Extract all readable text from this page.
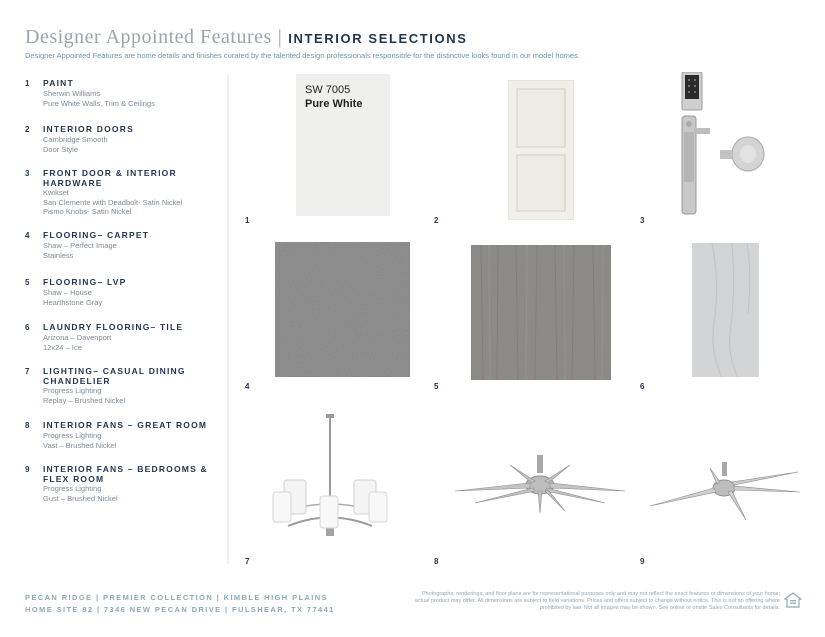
Designer Appointed Features | INTERIOR SELECTIONS
Designer Appointed Features are home details and finishes curated by the talented design professionals responsible for the distinctive looks found in our model homes.
1 PAINT
Sherwin Williams
Pure White Walls, Trim & Ceilings
2 INTERIOR DOORS
Cambridge Smooth
Door Style
3 FRONT DOOR & INTERIOR HARDWARE
Kwikset
San Clemente with Deadbolt- Satin Nickel
Pismo Knobs- Satin Nickel
4 FLOORING– CARPET
Shaw – Perfect Image
Stainless
5 FLOORING– LVP
Shaw – House
Hearthstone Gray
6 LAUNDRY FLOORING– TILE
Arizona – Davenport
12x24 – Ice
7 LIGHTING– CASUAL DINING CHANDELIER
Progress Lighting
Replay – Brushed Nickel
8 INTERIOR FANS – GREAT ROOM
Progress Lighting
Vast – Brushed Nickel
9 INTERIOR FANS – BEDROOMS & FLEX ROOM
Progress Lighting
Gust – Brushed Nickel
SW 7005
Pure White
1	2	3
4	5	6
7	8	9
PECAN RIDGE | PREMIER COLLECTION | KIMBLE HIGH PLAINS
HOME SITE 82 | 7346 NEW PECAN DRIVE | FULSHEAR, TX 77441
Photographs, renderings, and floor plans are for representational purposes only and may not reflect the exact features or dimensions of your home; actual product may differ. All dimensions are subject to field variations. Prices and offers subject to change without notice. This is not an offering where prohibited by law. Not all images may be shown. See online or onsite Sales Consultants for details.
